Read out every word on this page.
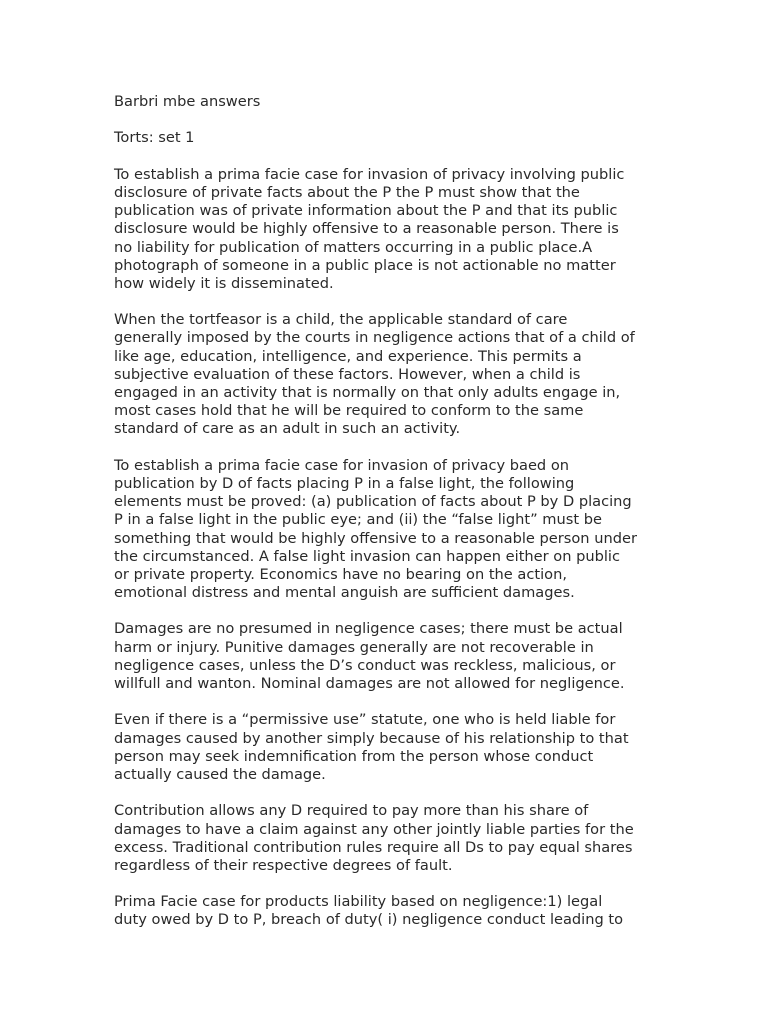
Barbri mbe answers
Torts: set 1
To establish a prima facie case for invasion of privacy involving public
disclosure of private facts about the P the P must show that the
publication was of private information about the P and that its public
disclosure would be highly offensive to a reasonable person. There is
no liability for publication of matters occurring in a public place.A
photograph of someone in a public place is not actionable no matter
how widely it is disseminated.
When the tortfeasor is a child, the applicable standard of care
generally imposed by the courts in negligence actions that of a child of
like age, education, intelligence, and experience. This permits a
subjective evaluation of these factors. However, when a child is
engaged in an activity that is normally on that only adults engage in,
most cases hold that he will be required to conform to the same
standard of care as an adult in such an activity.
To establish a prima facie case for invasion of privacy baed on
publication by D of facts placing P in a false light, the following
elements must be proved: (a) publication of facts about P by D placing
P in a false light in the public eye; and (ii) the “false light” must be
something that would be highly offensive to a reasonable person under
the circumstanced. A false light invasion can happen either on public
or private property. Economics have no bearing on the action,
emotional distress and mental anguish are sufficient damages.
Damages are no presumed in negligence cases; there must be actual
harm or injury. Punitive damages generally are not recoverable in
negligence cases, unless the D’s conduct was reckless, malicious, or
willfull and wanton. Nominal damages are not allowed for negligence.
Even if there is a “permissive use” statute, one who is held liable for
damages caused by another simply because of his relationship to that
person may seek indemnification from the person whose conduct
actually caused the damage.
Contribution allows any D required to pay more than his share of
damages to have a claim against any other jointly liable parties for the
excess. Traditional contribution rules require all Ds to pay equal shares
regardless of their respective degrees of fault.
Prima Facie case for products liability based on negligence:1) legal
duty owed by D to P, breach of duty( i) negligence conduct leading to
